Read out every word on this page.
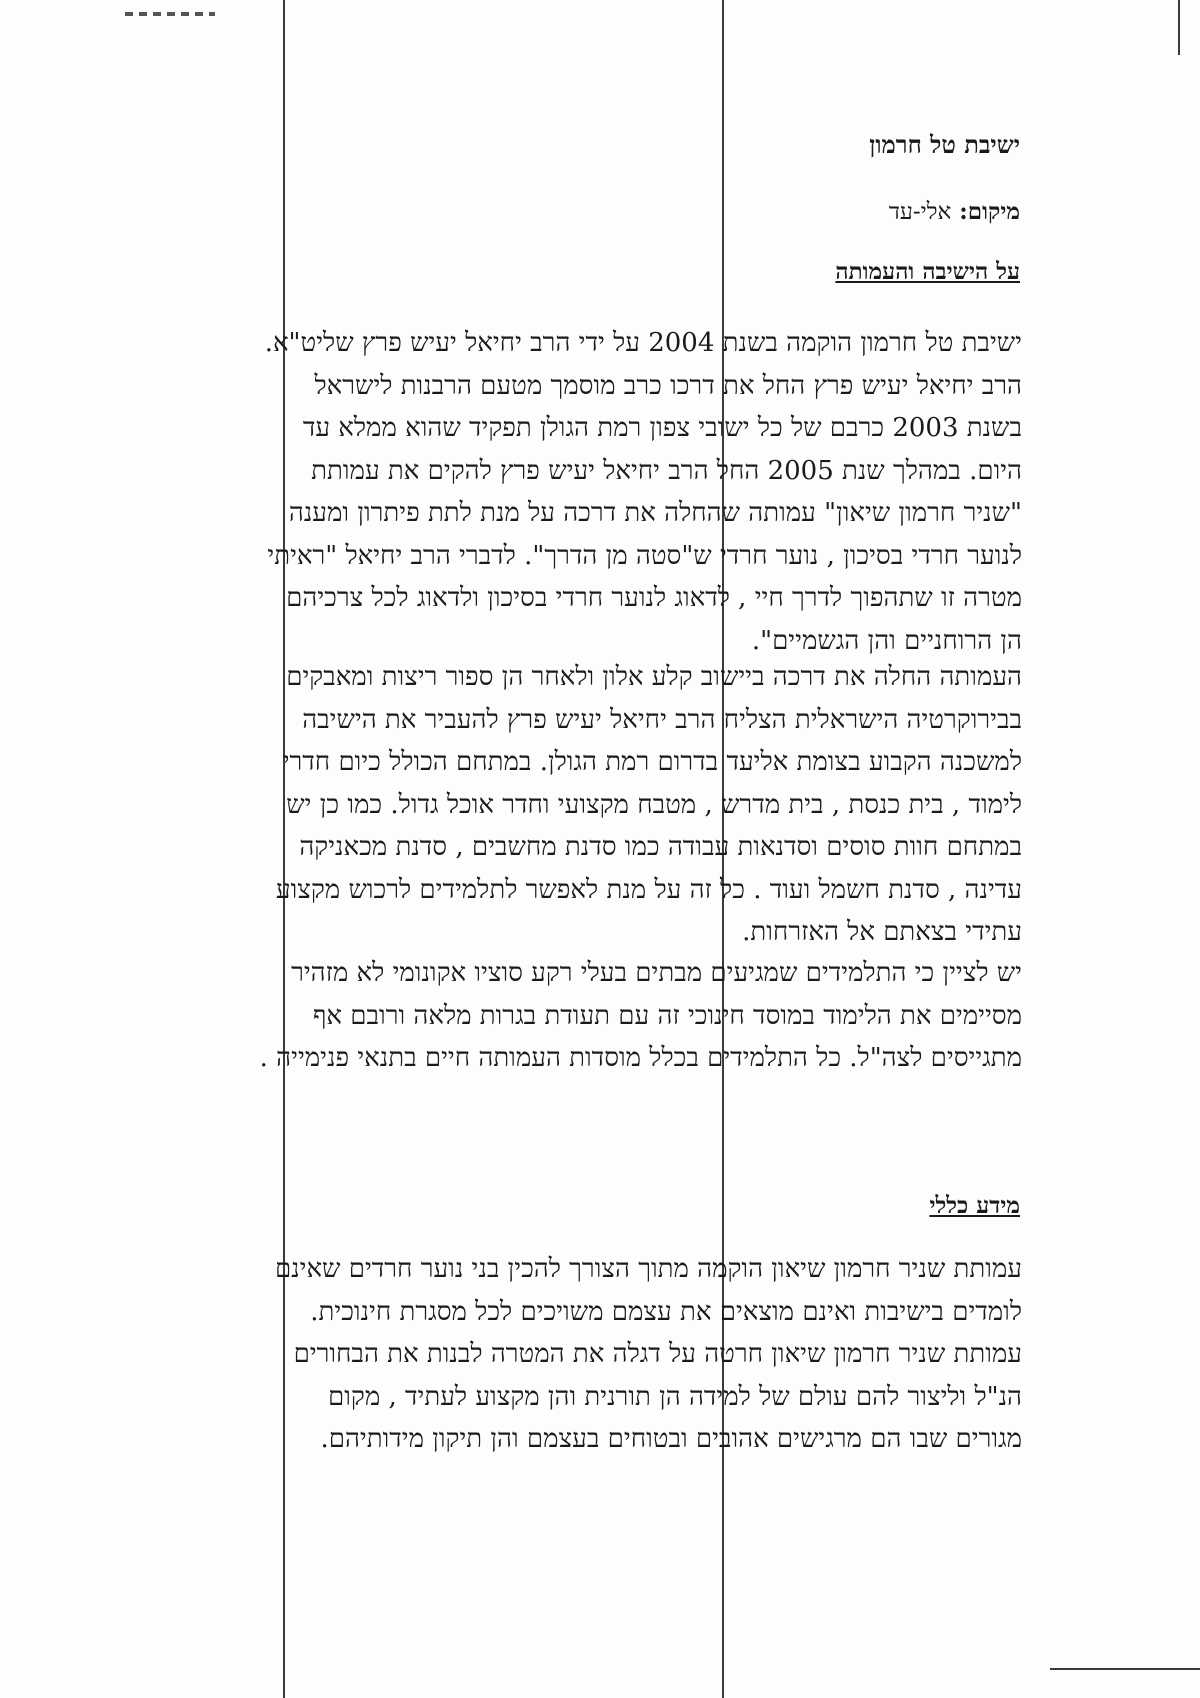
ישיבת טל חרמון
מיקום: אלי-עד
על הישיבה והעמותה
ישיבת טל חרמון הוקמה בשנת 2004 על ידי הרב יחיאל יעיש פרץ שליט"א.
הרב יחיאל יעיש פרץ החל את דרכו כרב מוסמך מטעם הרבנות לישראל
בשנת 2003 כרבם של כל ישובי צפון רמת הגולן תפקיד שהוא ממלא עד
היום. במהלך שנת 2005 החל הרב יחיאל יעיש פרץ להקים את עמותת
"שניר חרמון שיאון" עמותה שהחלה את דרכה על מנת לתת פיתרון ומענה
לנוער חרדי בסיכון , נוער חרדי ש"סטה מן הדרך". לדברי הרב יחיאל "ראיתי
מטרה זו שתהפוך לדרך חיי , לדאוג לנוער חרדי בסיכון ולדאוג לכל צרכיהם
הן הרוחניים והן הגשמיים".
העמותה החלה את דרכה ביישוב קלע אלון ולאחר הן ספור ריצות ומאבקים
בבירוקרטיה הישראלית הצליח הרב יחיאל יעיש פרץ להעביר את הישיבה
למשכנה הקבוע בצומת אליעד בדרום רמת הגולן. במתחם הכולל כיום חדרי
לימוד , בית כנסת , בית מדרש , מטבח מקצועי וחדר אוכל גדול. כמו כן יש
במתחם חוות סוסים וסדנאות עבודה כמו סדנת מחשבים , סדנת מכאניקה
עדינה , סדנת חשמל ועוד . כל זה על מנת לאפשר לתלמידים לרכוש מקצוע
עתידי בצאתם אל האזרחות.
יש לציין כי התלמידים שמגיעים מבתים בעלי רקע סוציו אקונומי לא מזהיר
מסיימים את הלימוד במוסד חינוכי זה עם תעודת בגרות מלאה ורובם אף
מתגייסים לצה"ל. כל התלמידים בכלל מוסדות העמותה חיים בתנאי פנימייה .
מידע כללי
עמותת שניר חרמון שיאון הוקמה מתוך הצורך להכין בני נוער חרדים שאינם
לומדים בישיבות ואינם מוצאים את עצמם משויכים לכל מסגרת חינוכית.
עמותת שניר חרמון שיאון חרטה על דגלה את המטרה לבנות את הבחורים
הנ"ל וליצור להם עולם של למידה הן תורנית והן מקצוע לעתיד , מקום
מגורים שבו הם מרגישים אהובים ובטוחים בעצמם והן תיקון מידותיהם.
